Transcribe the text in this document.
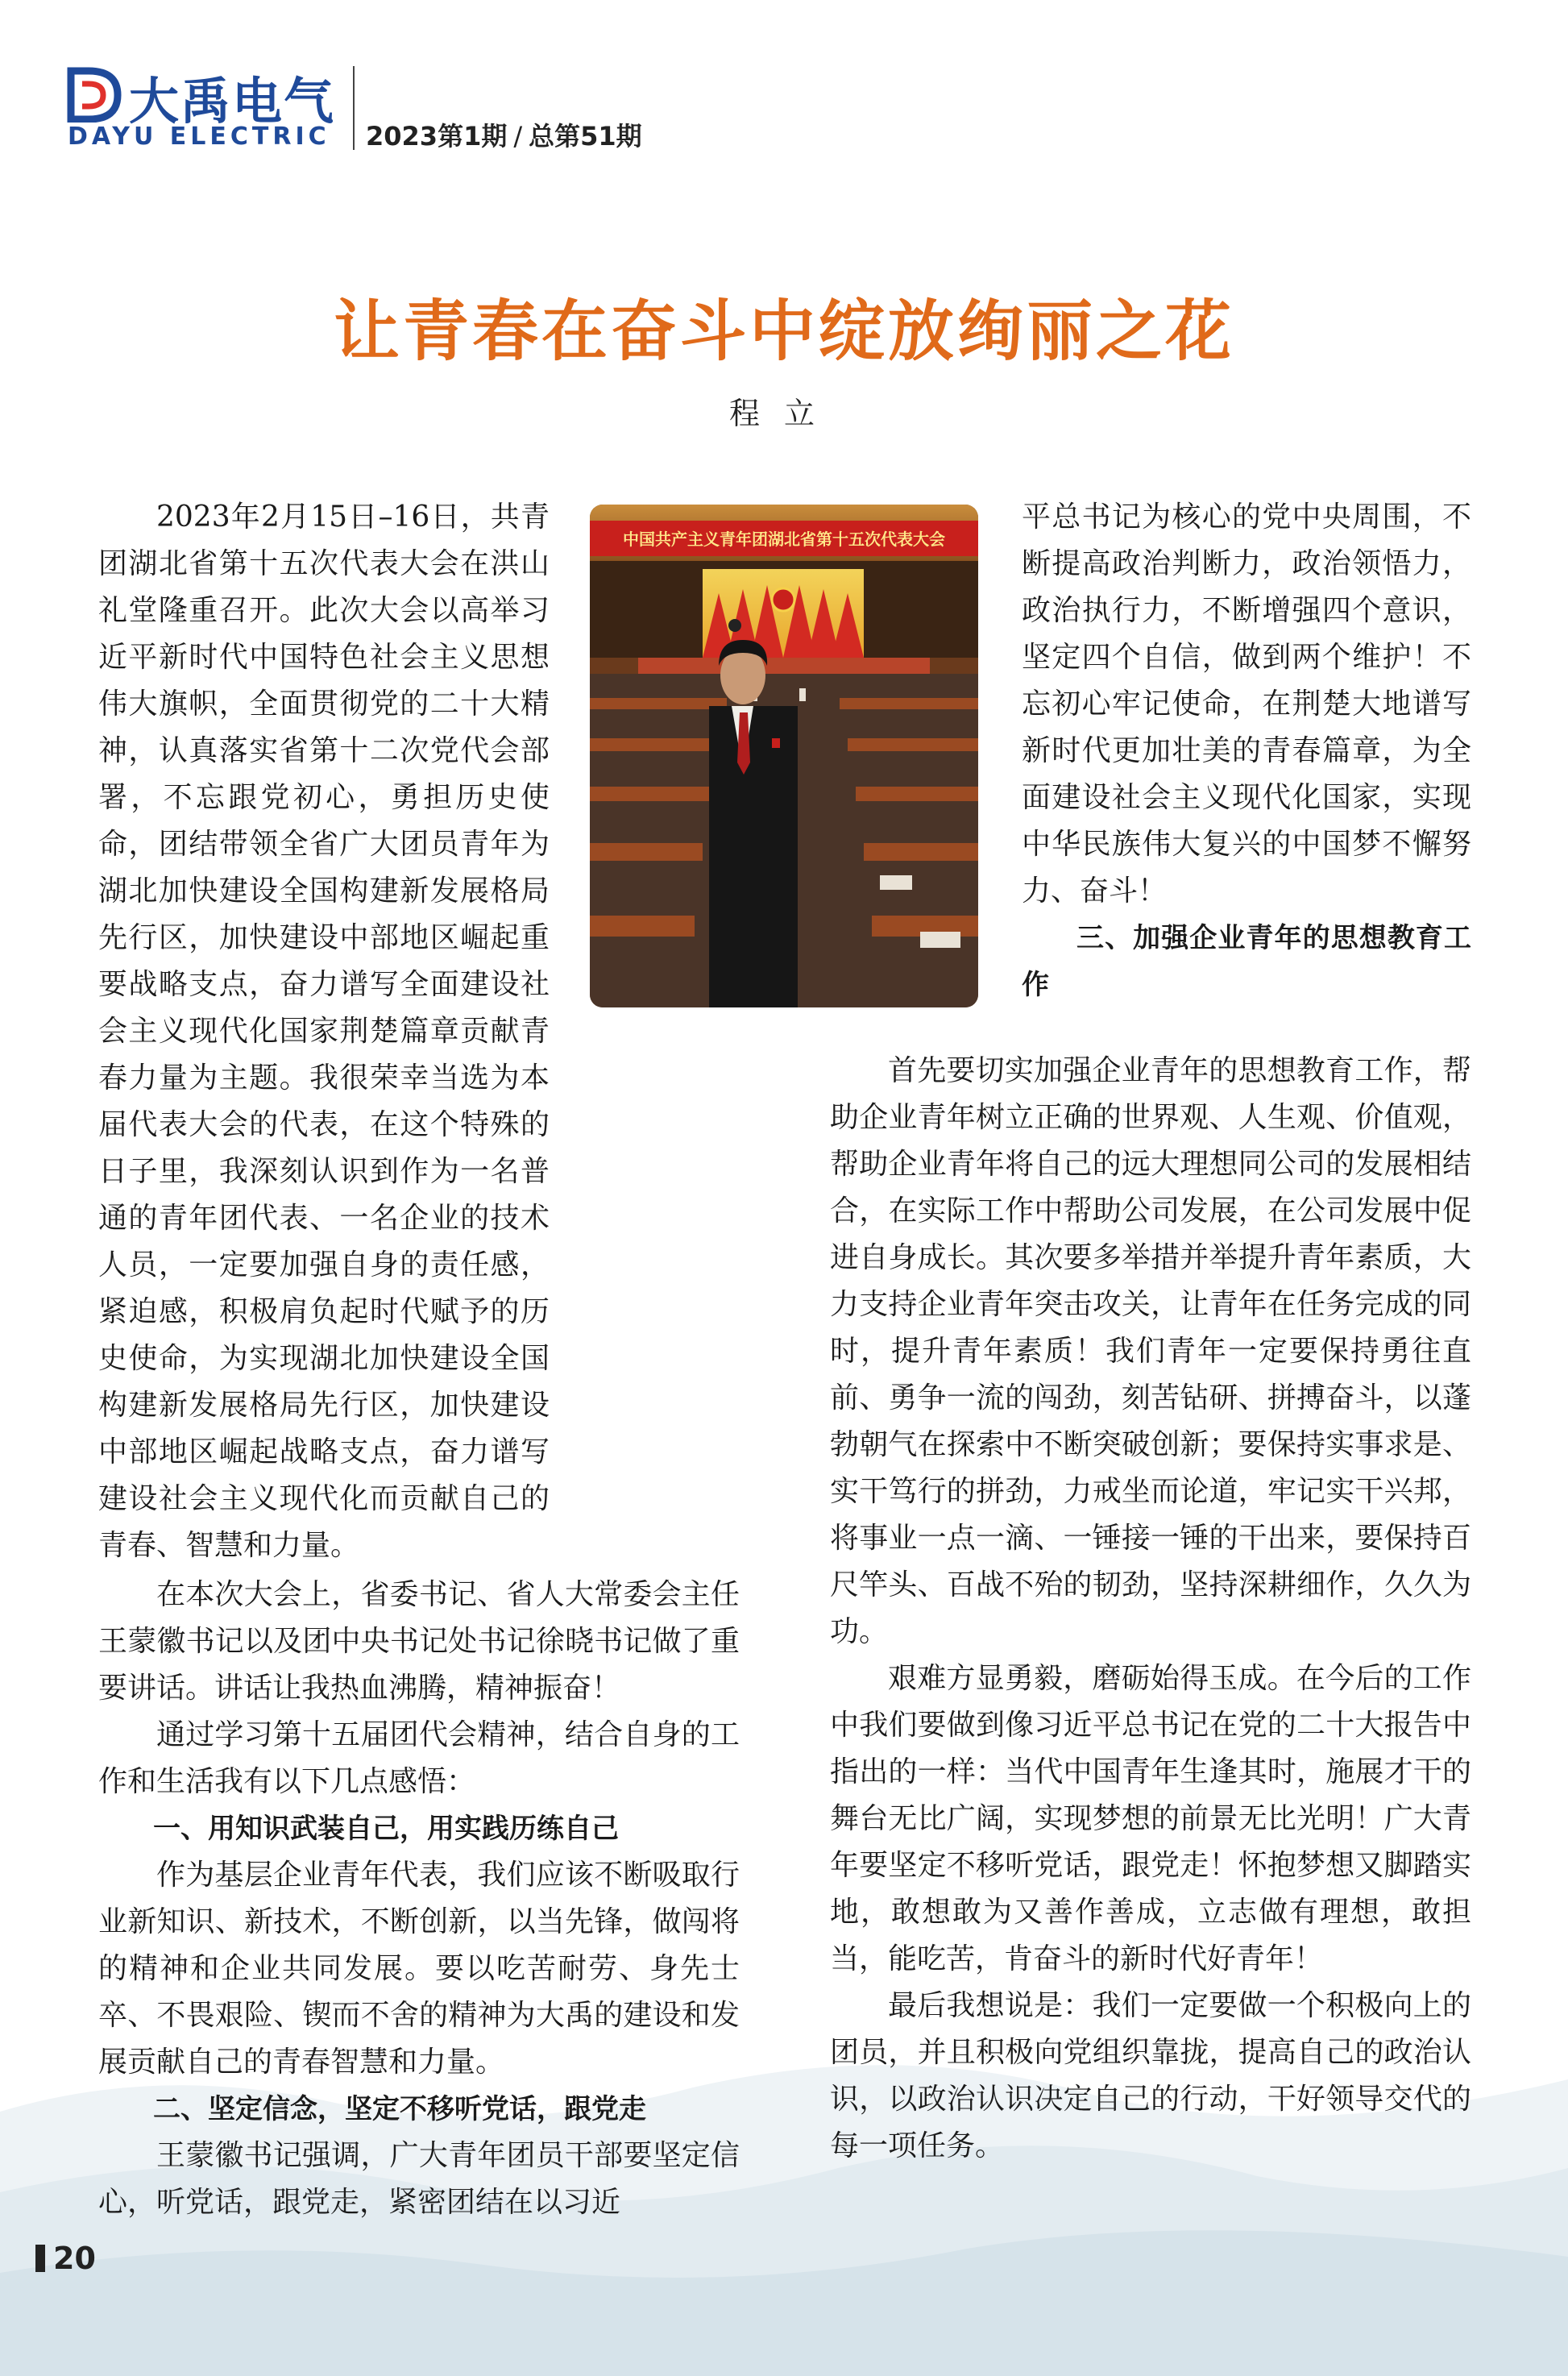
大禹电气
DAYU ELECTRIC 2023第1期 / 总第51期
让青春在奋斗中绽放绚丽之花
程立
中国共产主义青年团湖北省第十五次代表大会

2023年2月15日–16日，共青团湖北省第十五次代表大会在洪山礼堂隆重召开。此次大会以高举习近平新时代中国特色社会主义思想伟大旗帜，全面贯彻党的二十大精神，认真落实省第十二次党代会部署，不忘跟党初心，勇担历史使命，团结带领全省广大团员青年为湖北加快建设全国构建新发展格局先行区，加快建设中部地区崛起重要战略支点，奋力谱写全面建设社会主义现代化国家荆楚篇章贡献青春力量为主题。我很荣幸当选为本届代表大会的代表，在这个特殊的日子里，我深刻认识到作为一名普通的青年团代表、一名企业的技术人员，一定要加强自身的责任感，紧迫感，积极肩负起时代赋予的历史使命，为实现湖北加快建设全国构建新发展格局先行区，加快建设中部地区崛起战略支点，奋力谱写建设社会主义现代化而贡献自己的青春、智慧和力量。

平总书记为核心的党中央周围，不断提高政治判断力，政治领悟力，政治执行力，不断增强四个意识，坚定四个自信，做到两个维护！不忘初心牢记使命，在荆楚大地谱写新时代更加壮美的青春篇章，为全面建设社会主义现代化国家，实现中华民族伟大复兴的中国梦不懈努力、奋斗！

三、加强企业青年的思想教育工作

在本次大会上，省委书记、省人大常委会主任王蒙徽书记以及团中央书记处书记徐晓书记做了重要讲话。讲话让我热血沸腾，精神振奋！

通过学习第十五届团代会精神，结合自身的工作和生活我有以下几点感悟：

一、用知识武装自己，用实践历练自己

作为基层企业青年代表，我们应该不断吸取行业新知识、新技术，不断创新，以当先锋，做闯将的精神和企业共同发展。要以吃苦耐劳、身先士卒、不畏艰险、锲而不舍的精神为大禹的建设和发展贡献自己的青春智慧和力量。

二、坚定信念，坚定不移听党话，跟党走

王蒙徽书记强调，广大青年团员干部要坚定信心，听党话，跟党走，紧密团结在以习近

首先要切实加强企业青年的思想教育工作，帮助企业青年树立正确的世界观、人生观、价值观，帮助企业青年将自己的远大理想同公司的发展相结合，在实际工作中帮助公司发展，在公司发展中促进自身成长。其次要多举措并举提升青年素质，大力支持企业青年突击攻关，让青年在任务完成的同时，提升青年素质！我们青年一定要保持勇往直前、勇争一流的闯劲，刻苦钻研、拼搏奋斗，以蓬勃朝气在探索中不断突破创新；要保持实事求是、实干笃行的拼劲，力戒坐而论道，牢记实干兴邦，将事业一点一滴、一锤接一锤的干出来，要保持百尺竿头、百战不殆的韧劲，坚持深耕细作，久久为功。

艰难方显勇毅，磨砺始得玉成。在今后的工作中我们要做到像习近平总书记在党的二十大报告中指出的一样：当代中国青年生逢其时，施展才干的舞台无比广阔，实现梦想的前景无比光明！广大青年要坚定不移听党话，跟党走！怀抱梦想又脚踏实地，敢想敢为又善作善成，立志做有理想，敢担当，能吃苦，肯奋斗的新时代好青年！

最后我想说是：我们一定要做一个积极向上的团员，并且积极向党组织靠拢，提高自己的政治认识，以政治认识决定自己的行动，干好领导交代的每一项任务。

20
